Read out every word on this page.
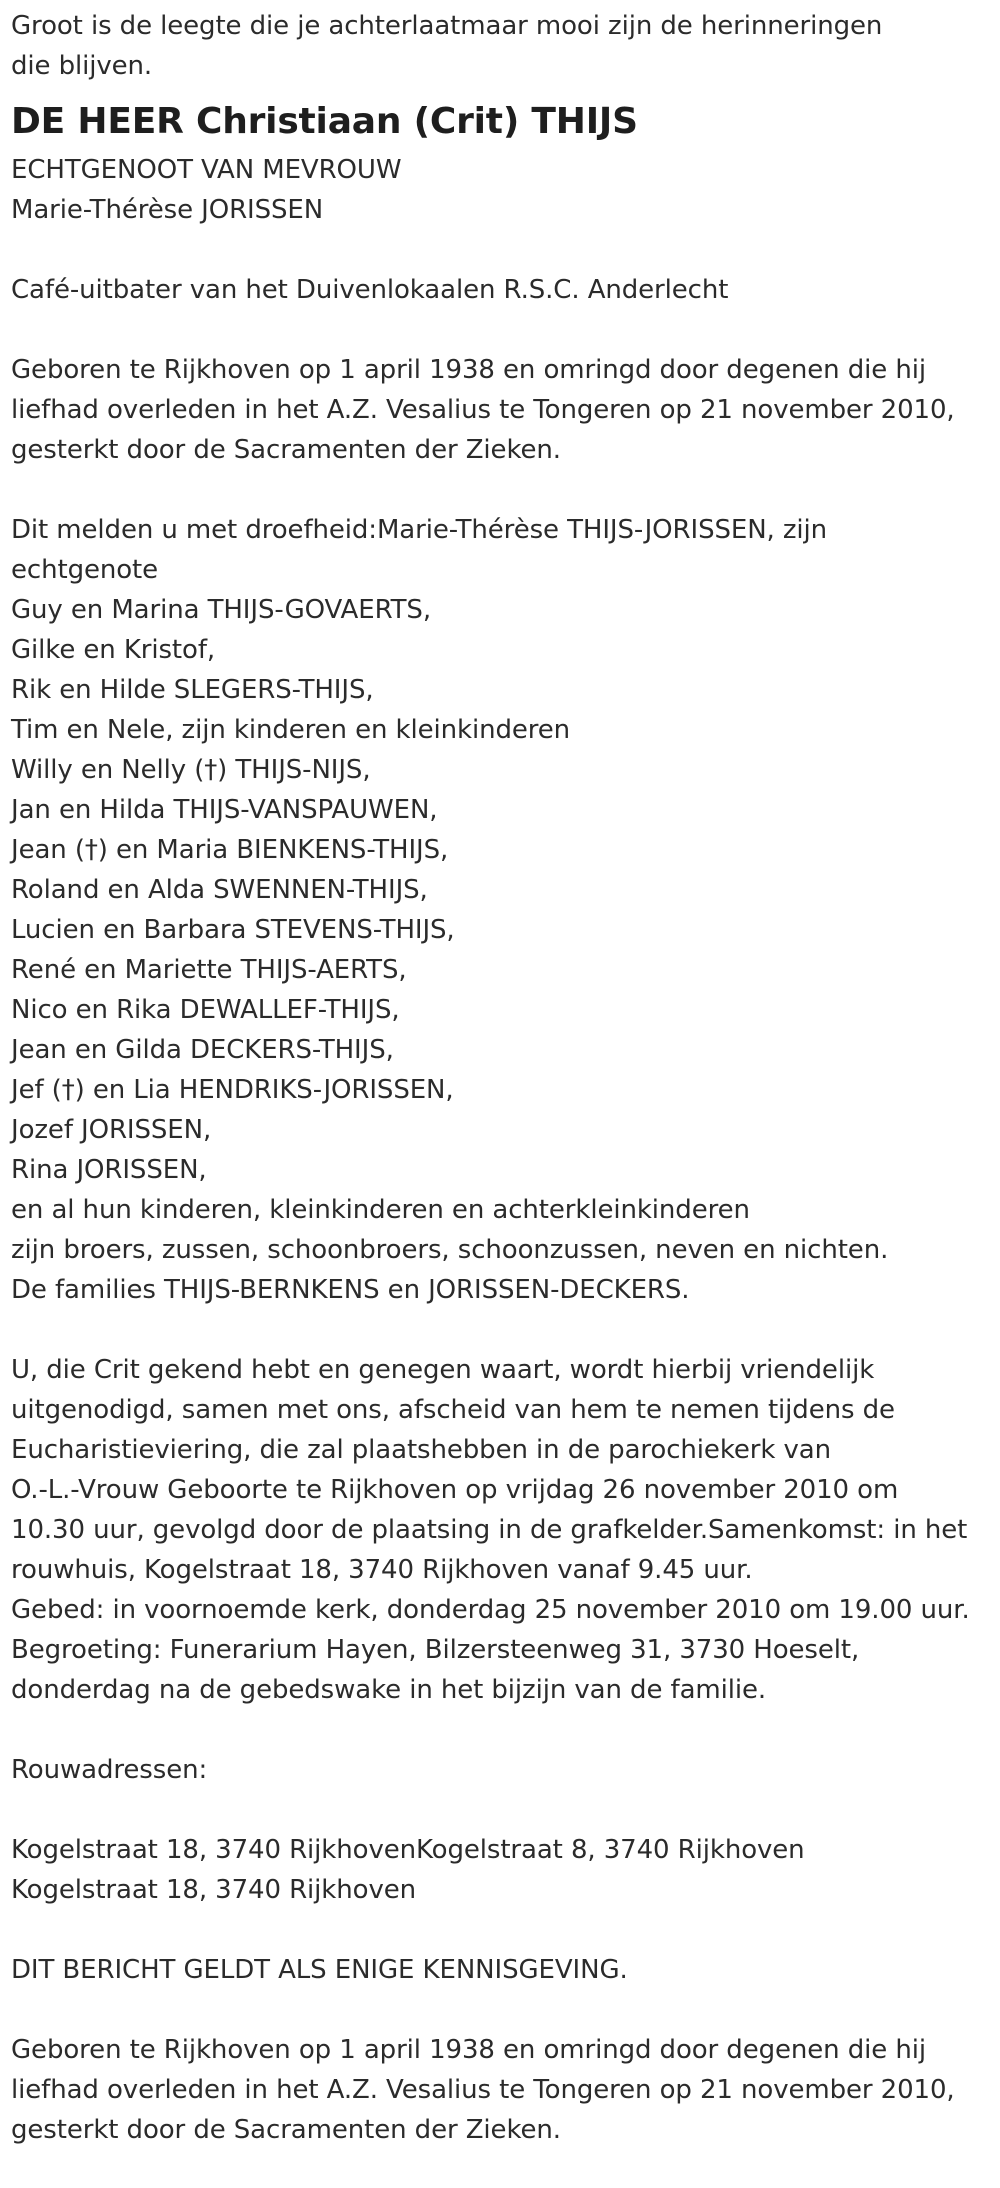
Groot is de leegte die je achterlaatmaar mooi zijn de herinneringen
die blijven.
DE HEER Christiaan (Crit) THIJS
ECHTGENOOT VAN MEVROUW
Marie-Thérèse JORISSEN
Café-uitbater van het Duivenlokaalen R.S.C. Anderlecht
Geboren te Rijkhoven op 1 april 1938 en omringd door degenen die hij
liefhad overleden in het A.Z. Vesalius te Tongeren op 21 november 2010,
gesterkt door de Sacramenten der Zieken.
Dit melden u met droefheid:Marie-Thérèse THIJS-JORISSEN, zijn
echtgenote
Guy en Marina THIJS-GOVAERTS,
Gilke en Kristof,
Rik en Hilde SLEGERS-THIJS,
Tim en Nele, zijn kinderen en kleinkinderen
Willy en Nelly (†) THIJS-NIJS,
Jan en Hilda THIJS-VANSPAUWEN,
Jean (†) en Maria BIENKENS-THIJS,
Roland en Alda SWENNEN-THIJS,
Lucien en Barbara STEVENS-THIJS,
René en Mariette THIJS-AERTS,
Nico en Rika DEWALLEF-THIJS,
Jean en Gilda DECKERS-THIJS,
Jef (†) en Lia HENDRIKS-JORISSEN,
Jozef JORISSEN,
Rina JORISSEN,
en al hun kinderen, kleinkinderen en achterkleinkinderen
zijn broers, zussen, schoonbroers, schoonzussen, neven en nichten.
De families THIJS-BERNKENS en JORISSEN-DECKERS.
U, die Crit gekend hebt en genegen waart, wordt hierbij vriendelijk
uitgenodigd, samen met ons, afscheid van hem te nemen tijdens de
Eucharistieviering, die zal plaatshebben in de parochiekerk van
O.-L.-Vrouw Geboorte te Rijkhoven op vrijdag 26 november 2010 om
10.30 uur, gevolgd door de plaatsing in de grafkelder.Samenkomst: in het
rouwhuis, Kogelstraat 18, 3740 Rijkhoven vanaf 9.45 uur.
Gebed: in voornoemde kerk, donderdag 25 november 2010 om 19.00 uur.
Begroeting: Funerarium Hayen, Bilzersteenweg 31, 3730 Hoeselt,
donderdag na de gebedswake in het bijzijn van de familie.
Rouwadressen:
Kogelstraat 18, 3740 RijkhovenKogelstraat 8, 3740 Rijkhoven
Kogelstraat 18, 3740 Rijkhoven
DIT BERICHT GELDT ALS ENIGE KENNISGEVING.
Geboren te Rijkhoven op 1 april 1938 en omringd door degenen die hij
liefhad overleden in het A.Z. Vesalius te Tongeren op 21 november 2010,
gesterkt door de Sacramenten der Zieken.
